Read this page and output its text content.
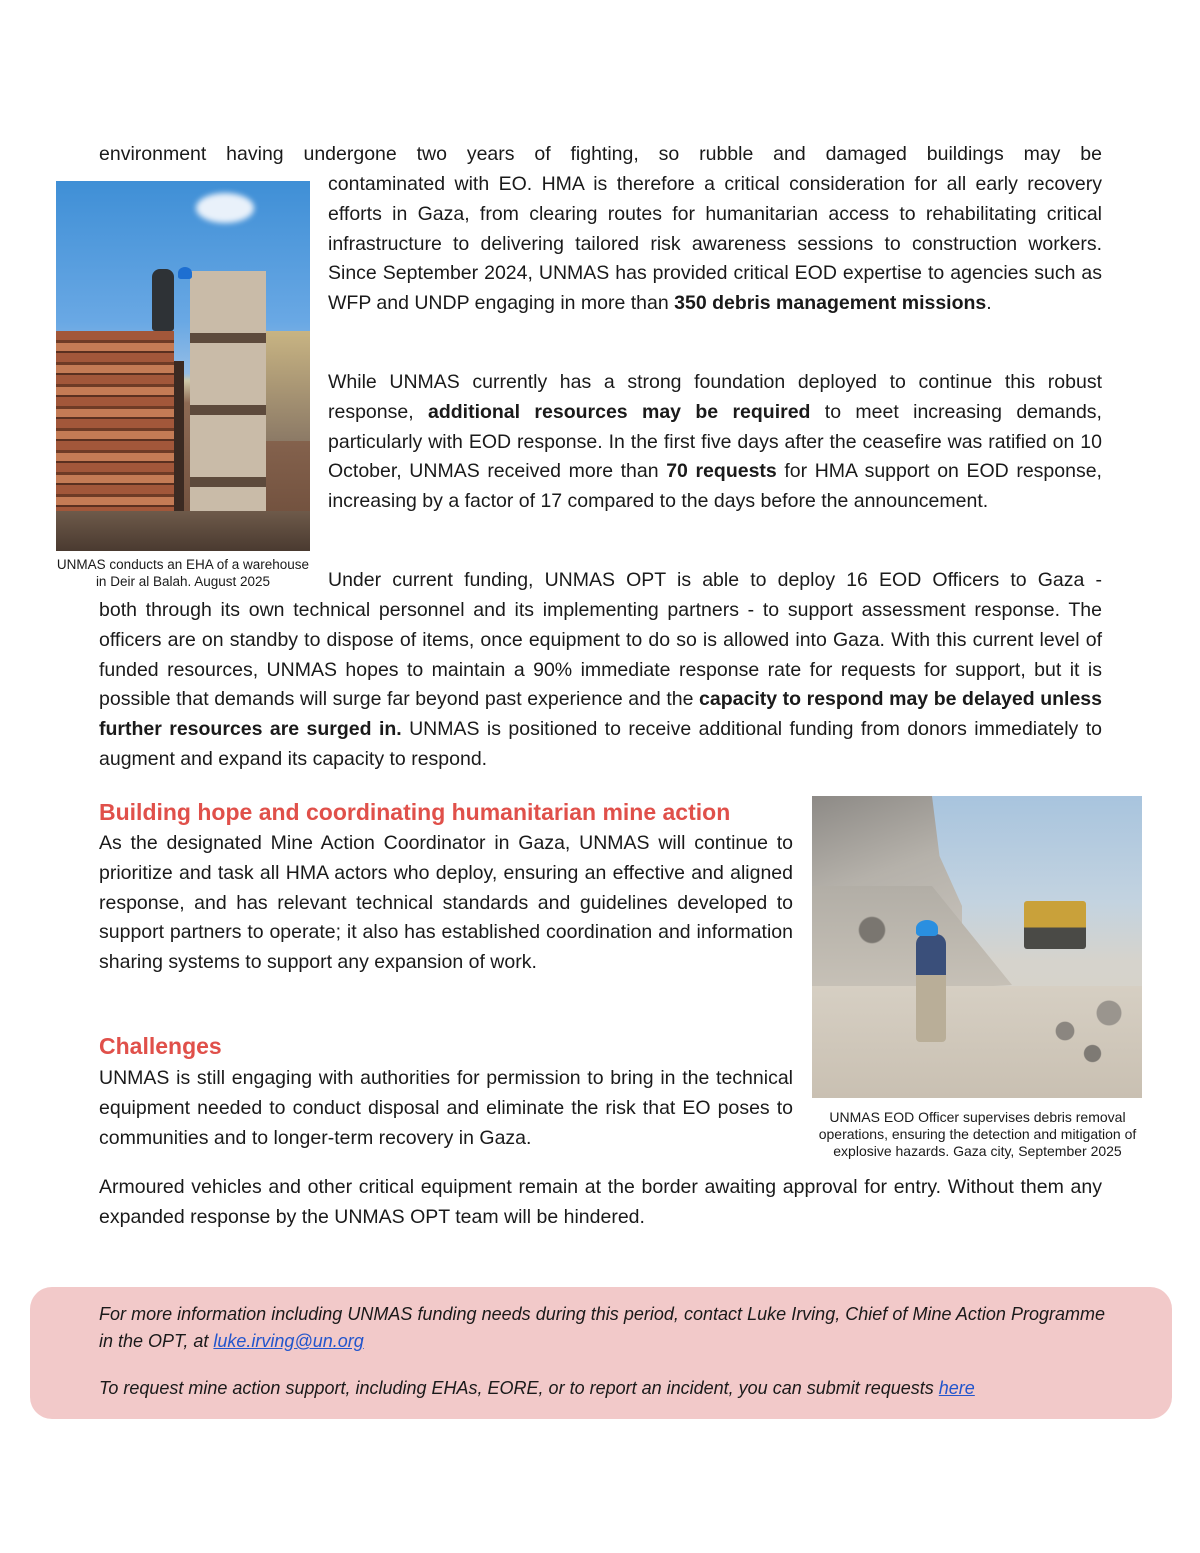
environment having undergone two years of fighting, so rubble and damaged buildings may be

UNMAS conducts an EHA of a warehouse
in Deir al Balah. August 2025

contaminated with EO. HMA is therefore a critical consideration for all early recovery efforts in Gaza, from clearing routes for humanitarian access to rehabilitating critical infrastructure to delivering tailored risk awareness sessions to construction workers. Since September 2024, UNMAS has provided critical EOD expertise to agencies such as WFP and UNDP engaging in more than 350 debris management missions.

While UNMAS currently has a strong foundation deployed to continue this robust response, additional resources may be required to meet increasing demands, particularly with EOD response. In the first five days after the ceasefire was ratified on 10 October, UNMAS received more than 70 requests for HMA support on EOD response, increasing by a factor of 17 compared to the days before the announcement.

Under current funding, UNMAS OPT is able to deploy 16 EOD Officers to Gaza -

both through its own technical personnel and its implementing partners - to support assessment response. The officers are on standby to dispose of items, once equipment to do so is allowed into Gaza. With this current level of funded resources, UNMAS hopes to maintain a 90% immediate response rate for requests for support, but it is possible that demands will surge far beyond past experience and the capacity to respond may be delayed unless further resources are surged in. UNMAS is positioned to receive additional funding from donors immediately to augment and expand its capacity to respond.

Building hope and coordinating humanitarian mine action

As the designated Mine Action Coordinator in Gaza, UNMAS will continue to prioritize and task all HMA actors who deploy, ensuring an effective and aligned response, and has relevant technical standards and guidelines developed to support partners to operate; it also has established coordination and information sharing systems to support any expansion of work.

UNMAS EOD Officer supervises debris removal
operations, ensuring the detection and mitigation of
explosive hazards. Gaza city, September 2025
Challenges

UNMAS is still engaging with authorities for permission to bring in the technical equipment needed to conduct disposal and eliminate the risk that EO poses to communities and to longer-term recovery in Gaza.

Armoured vehicles and other critical equipment remain at the border awaiting approval for entry. Without them any expanded response by the UNMAS OPT team will be hindered.

For more information including UNMAS funding needs during this period, contact Luke Irving, Chief of Mine Action Programme in the OPT, at luke.irving@un.org

To request mine action support, including EHAs, EORE, or to report an incident, you can submit requests here
